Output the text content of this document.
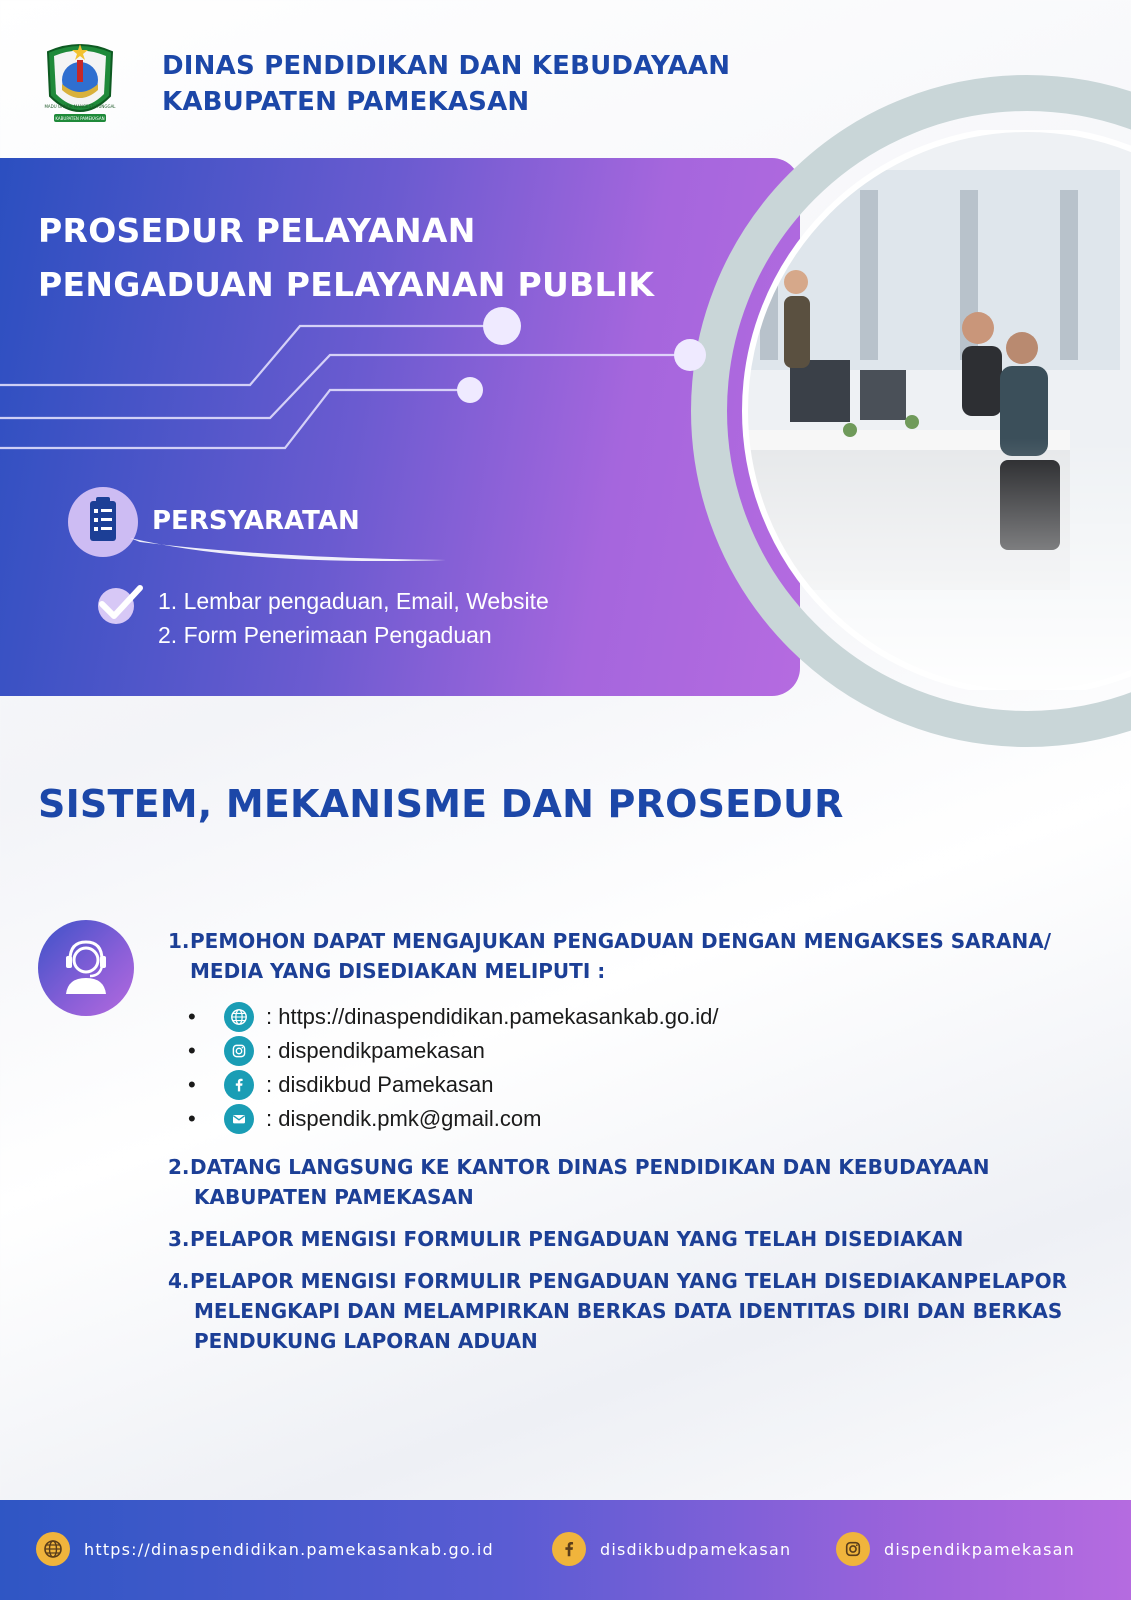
MADU GANDA MANGESTI TUNGGAL
KABUPATEN PAMEKASAN
DINAS PENDIDIKAN DAN KEBUDAYAAN
KABUPATEN PAMEKASAN
PROSEDUR PELAYANAN
PENGADUAN PELAYANAN PUBLIK
PERSYARATAN
1. Lembar pengaduan, Email, Website
2. Form Penerimaan Pengaduan
SISTEM, MEKANISME DAN PROSEDUR
1.PEMOHON DAPAT MENGAJUKAN PENGADUAN DENGAN MENGAKSES SARANA/
MEDIA YANG DISEDIAKAN MELIPUTI :
•	: https://dinaspendidikan.pamekasankab.go.id/
•	: dispendikpamekasan
•	: disdikbud Pamekasan
•	: dispendik.pmk@gmail.com
2.DATANG LANGSUNG KE KANTOR DINAS PENDIDIKAN DAN KEBUDAYAAN
KABUPATEN PAMEKASAN
3.PELAPOR MENGISI FORMULIR PENGADUAN YANG TELAH DISEDIAKAN
4.PELAPOR MENGISI FORMULIR PENGADUAN YANG TELAH DISEDIAKANPELAPOR
MELENGKAPI DAN MELAMPIRKAN BERKAS DATA IDENTITAS DIRI DAN BERKAS
PENDUKUNG LAPORAN ADUAN
https://dinaspendidikan.pamekasankab.go.id	disdikbudpamekasan	dispendikpamekasan
